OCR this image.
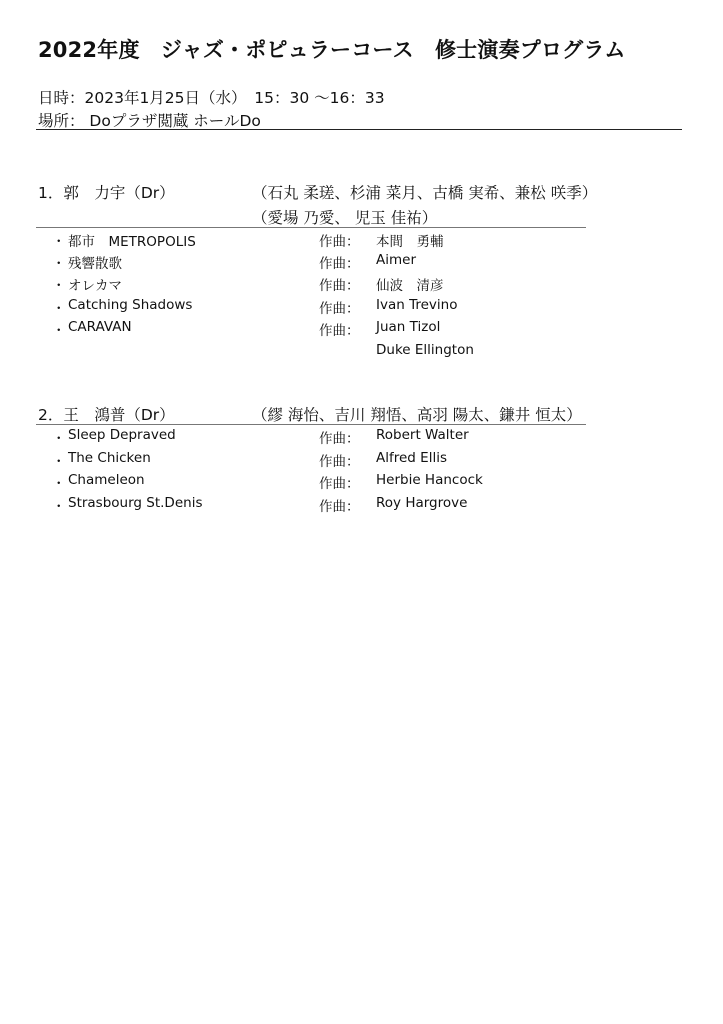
2022年度　ジャズ・ポピュラーコース　修士演奏プログラム
日時：2023年1月25日（水）　15：30 ～16：33
場所： Doプラザ閲蔵 ホールDo
1．郭　力宇（Dr）	（石丸 柔瑳、杉浦 菜月、古橋 実希、兼松 咲季）
（愛場 乃愛、 児玉 佳祐）
・ 都市　METROPOLIS	作曲： 本間　勇輔
・ 残響散歌	作曲： Aimer
・ オレカマ	作曲： 仙波　清彦
・ Catching Shadows	作曲： Ivan Trevino
・ CARAVAN	作曲： Juan Tizol
Duke Ellington
2．王　鴻普（Dr）	（繆 海怡、吉川 翔悟、高羽 陽太、鎌井 恒太）
・ Sleep Depraved	作曲： Robert Walter
・ The Chicken	作曲： Alfred Ellis
・ Chameleon	作曲： Herbie Hancock
・ Strasbourg St.Denis	作曲： Roy Hargrove
